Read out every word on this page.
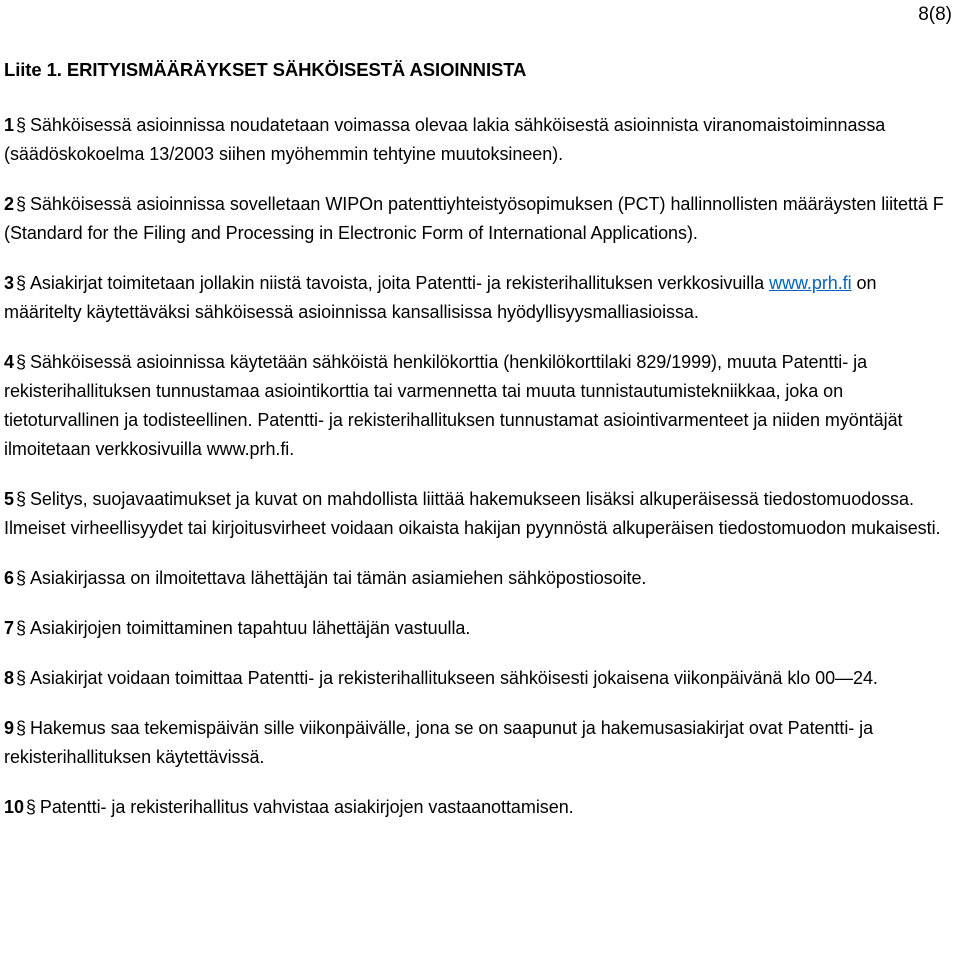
8(8)
Liite 1. ERITYISMÄÄRÄYKSET SÄHKÖISESTÄ ASIOINNISTA
1 § Sähköisessä asioinnissa noudatetaan voimassa olevaa lakia sähköisestä asioinnista viranomaistoiminnassa (säädöskokoelma 13/2003 siihen myöhemmin tehtyine muutoksineen).
2 § Sähköisessä asioinnissa sovelletaan WIPOn patenttiyhteistyösopimuksen (PCT) hallinnollisten määräysten liitettä F (Standard for the Filing and Processing in Electronic Form of International Applications).
3 § Asiakirjat toimitetaan jollakin niistä tavoista, joita Patentti- ja rekisterihallituksen verkkosivuilla www.prh.fi on määritelty käytettäväksi sähköisessä asioinnissa kansallisissa hyödyllisyysmalliasioissa.
4 § Sähköisessä asioinnissa käytetään sähköistä henkilökorttia (henkilökorttilaki 829/1999), muuta Patentti- ja rekisterihallituksen tunnustamaa asiointikorttia tai varmennetta tai muuta tunnistautumistekniikkaa, joka on tietoturvallinen ja todisteellinen. Patentti- ja rekisterihallituksen tunnustamat asiointivarmenteet ja niiden myöntäjät ilmoitetaan verkkosivuilla www.prh.fi.
5 § Selitys, suojavaatimukset ja kuvat on mahdollista liittää hakemukseen lisäksi alkuperäisessä tiedostomuodossa. Ilmeiset virheellisyydet tai kirjoitusvirheet voidaan oikaista hakijan pyynnöstä alkuperäisen tiedostomuodon mukaisesti.
6 § Asiakirjassa on ilmoitettava lähettäjän tai tämän asiamiehen sähköpostiosoite.
7 § Asiakirjojen toimittaminen tapahtuu lähettäjän vastuulla.
8 § Asiakirjat voidaan toimittaa Patentti- ja rekisterihallitukseen sähköisesti jokaisena viikonpäivänä klo 00—24.
9 § Hakemus saa tekemispäivän sille viikonpäivälle, jona se on saapunut ja hakemusasiakirjat ovat Patentti- ja rekisterihallituksen käytettävissä.
10 § Patentti- ja rekisterihallitus vahvistaa asiakirjojen vastaanottamisen.
